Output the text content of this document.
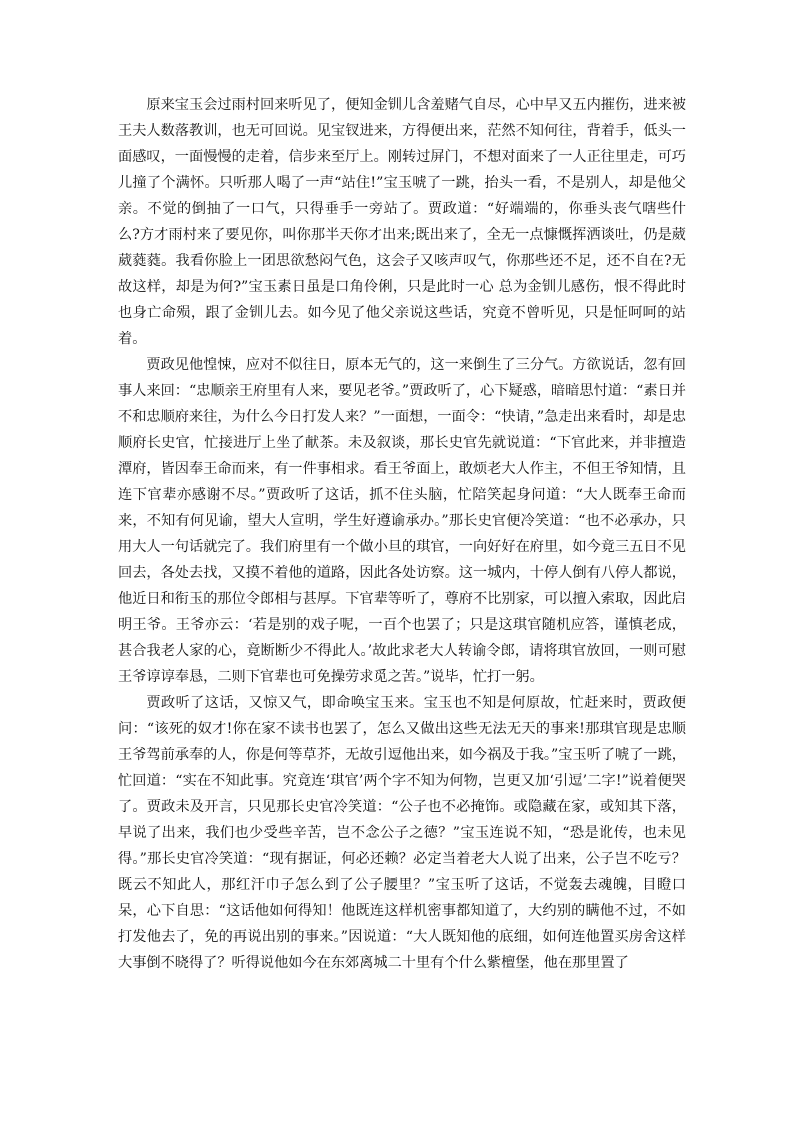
原来宝玉会过雨村回来听见了，便知金钏儿含羞赌气自尽，心中早又五内摧伤，进来被王夫人数落教训，也无可回说。见宝钗进来，方得便出来，茫然不知何往，背着手，低头一面感叹，一面慢慢的走着，信步来至厅上。刚转过屏门，不想对面来了一人正往里走，可巧儿撞了个满怀。只听那人喝了一声“站住!”宝玉唬了一跳，抬头一看，不是别人，却是他父亲。不觉的倒抽了一口气，只得垂手一旁站了。贾政道：“好端端的，你垂头丧气嗐些什么?方才雨村来了要见你，叫你那半天你才出来;既出来了，全无一点慷慨挥洒谈吐，仍是葳葳蕤蕤。我看你脸上一团思欲愁闷气色，这会子又咳声叹气，你那些还不足，还不自在?无故这样，却是为何?”宝玉素日虽是口角伶俐，只是此时一心 总为金钏儿感伤，恨不得此时也身亡命殒，跟了金钏儿去。如今见了他父亲说这些话，究竟不曾听见，只是怔呵呵的站着。

贾政见他惶悚，应对不似往日，原本无气的，这一来倒生了三分气。方欲说话，忽有回事人来回：“忠顺亲王府里有人来，要见老爷。”贾政听了，心下疑惑，暗暗思忖道：“素日并不和忠顺府来往，为什么今日打发人来？”一面想，一面令：“快请，”急走出来看时，却是忠顺府长史官，忙接进厅上坐了献茶。未及叙谈，那长史官先就说道：“下官此来，并非擅造潭府，皆因奉王命而来，有一件事相求。看王爷面上，敢烦老大人作主，不但王爷知情，且连下官辈亦感谢不尽。”贾政听了这话，抓不住头脑，忙陪笑起身问道：“大人既奉王命而来，不知有何见谕，望大人宣明，学生好遵谕承办。”那长史官便冷笑道：“也不必承办，只用大人一句话就完了。我们府里有一个做小旦的琪官，一向好好在府里，如今竟三五日不见回去，各处去找，又摸不着他的道路，因此各处访察。这一城内，十停人倒有八停人都说，他近日和衔玉的那位令郎相与甚厚。下官辈等听了，尊府不比别家，可以擅入索取，因此启明王爷。王爷亦云：‘若是别的戏子呢，一百个也罢了；只是这琪官随机应答，谨慎老成，甚合我老人家的心，竟断断少不得此人。’故此求老大人转谕令郎，请将琪官放回，一则可慰王爷谆谆奉恳，二则下官辈也可免操劳求觅之苦。”说毕，忙打一躬。

贾政听了这话，又惊又气，即命唤宝玉来。宝玉也不知是何原故，忙赶来时，贾政便问：“该死的奴才!你在家不读书也罢了，怎么又做出这些无法无天的事来!那琪官现是忠顺王爷驾前承奉的人，你是何等草芥，无故引逗他出来，如今祸及于我。”宝玉听了唬了一跳，忙回道：“实在不知此事。究竟连‘琪官’两个字不知为何物，岂更又加‘引逗’二字!”说着便哭了。贾政未及开言，只见那长史官冷笑道：“公子也不必掩饰。或隐藏在家，或知其下落，早说了出来，我们也少受些辛苦，岂不念公子之德？”宝玉连说不知，“恐是讹传，也未见得。”那长史官冷笑道：“现有据证，何必还赖？必定当着老大人说了出来，公子岂不吃亏？既云不知此人，那红汗巾子怎么到了公子腰里？”宝玉听了这话，不觉轰去魂魄，目瞪口呆，心下自思：“这话他如何得知！他既连这样机密事都知道了，大约别的瞒他不过，不如打发他去了，免的再说出别的事来。”因说道：“大人既知他的底细，如何连他置买房舍这样大事倒不晓得了？听得说他如今在东郊离城二十里有个什么紫檀堡，他在那里置了
